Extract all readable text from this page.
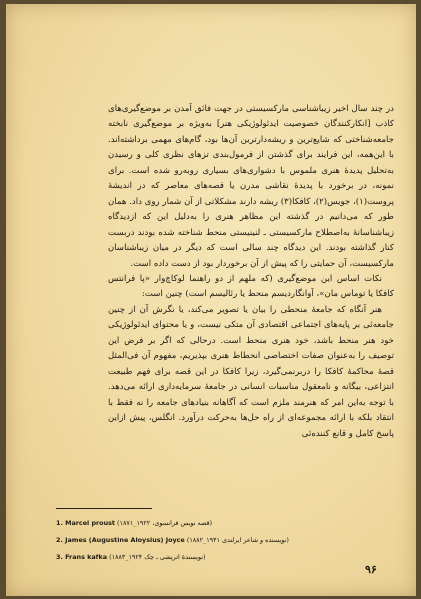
در چند سال اخیر زیباشناسی مارکسیستی در جهت فائق آمدن بر موضع‌گیری‌های کاذب [انکارکنندگان خصوصیت ایدئولوژیکی هنر] به‌ویژه بر موضع‌گیری نابخته جامعه‌شناختی که شایع‌ترین و ریشه‌دارترین آن‌ها بود، گام‌های مهمی برداشته‌اند. با این‌همه، این فرایند برای گذشتن از فرمول‌بندی تزهای نظری کلی و رسیدن به‌تحلیل پدیدهٔ هنری ملموس با دشواری‌های بسیاری روبه‌رو شده است. برای نمونه، در برخورد با پدیدهٔ نقاشی مدرن یا قصه‌های معاصر که در اندیشهٔ پروست(۱)، جویس(۲)، کافکا(۳) ریشه دارند مشکلاتی از آن شمار روی داد. همان طور که می‌دانیم در گذشته این مظاهر هنری را به‌دلیل این که ازدیدگاه زیباشناسانهٔ به‌اصطلاح مارکسیستی ـ لنینیستی منحط شناخته شده بودند دربست کنار گذاشته بودند. این دیدگاه چند سالی است که دیگر در میان زیباشناسان مارکسیست، آن حمایتی را که پیش از آن برخوردار بود از دست داده است.

نکات اساس این موضع‌گیری (که ملهم از دو راهنما لوکاچ‌وار «پا فرانتس کافکا یا توماس مان»، آوانگاردیسم منحط یا رئالیسم است) چنین است:

هنر آنگاه که جامعهٔ منحطی را بیان یا تصویر می‌کند، یا نگرش آن از چنین جامعه‌ئی بر پایه‌های اجتماعی اقتصادی آن متکی نیست، و یا محتوای ایدئولوژیکی خود هنر منحط باشد، خود هنری منحط است. درحالی که اگر بر فرض این توصیف را به‌عنوان صفات اختصاصی انحطاط هنری بپذیریم، مفهوم آن فی‌المثل قصهٔ محاکمهٔ کافکا را دربرنمی‌گیرد، زیرا کافکا در این قصه برای فهم طبیعت انتزاعی، بیگانه و نامعقول مناسبات انسانی در جامعهٔ سرمایه‌داری ارائه می‌دهد. با توجه به‌این امر که هنرمند ملزم است که آگاهانه بنیادهای جامعه را نه فقط با انتقاد بلکه با ارائه مجموعه‌ای از راه حل‌ها به‌حرکت درآورد. انگلس، پیش ازاین پاسخ کامل و قانع کننده‌ئی

1. Marcel proust (قصه نویس فرانسوی، ۱۹۲۲_۱۸۷۱)
2. James (Augustine Aloysius) Joyce (نویسنده و شاعر ایرلندی ۱۹۴۱_۱۸۸۲)
3. Frans kafka (نویسندهٔ اتریشی ـ چک ۱۹۲۴_۱۸۸۳)
۹۶
